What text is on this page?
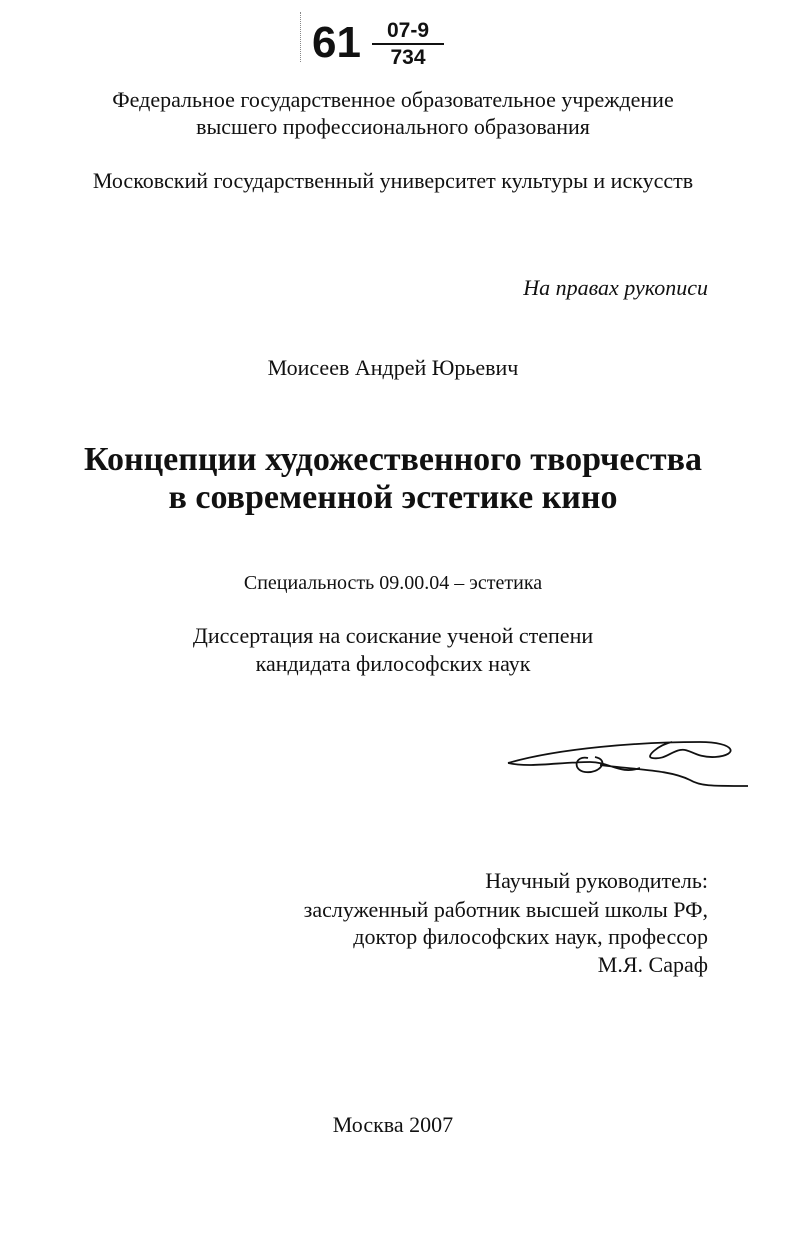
$61 \frac{07-9}{734}$
Федеральное государственное образовательное учреждение
высшего профессионального образования
Московский государственный университет культуры и искусств
На правах рукописи
Моисеев Андрей Юрьевич
Концепции художественного творчества
в современной эстетике кино
Специальность 09.00.04 – эстетика
Диссертация на соискание ученой степени
кандидата философских наук
Научный руководитель:
заслуженный работник высшей школы РФ,
доктор философских наук, профессор
М.Я. Сараф
Москва 2007
